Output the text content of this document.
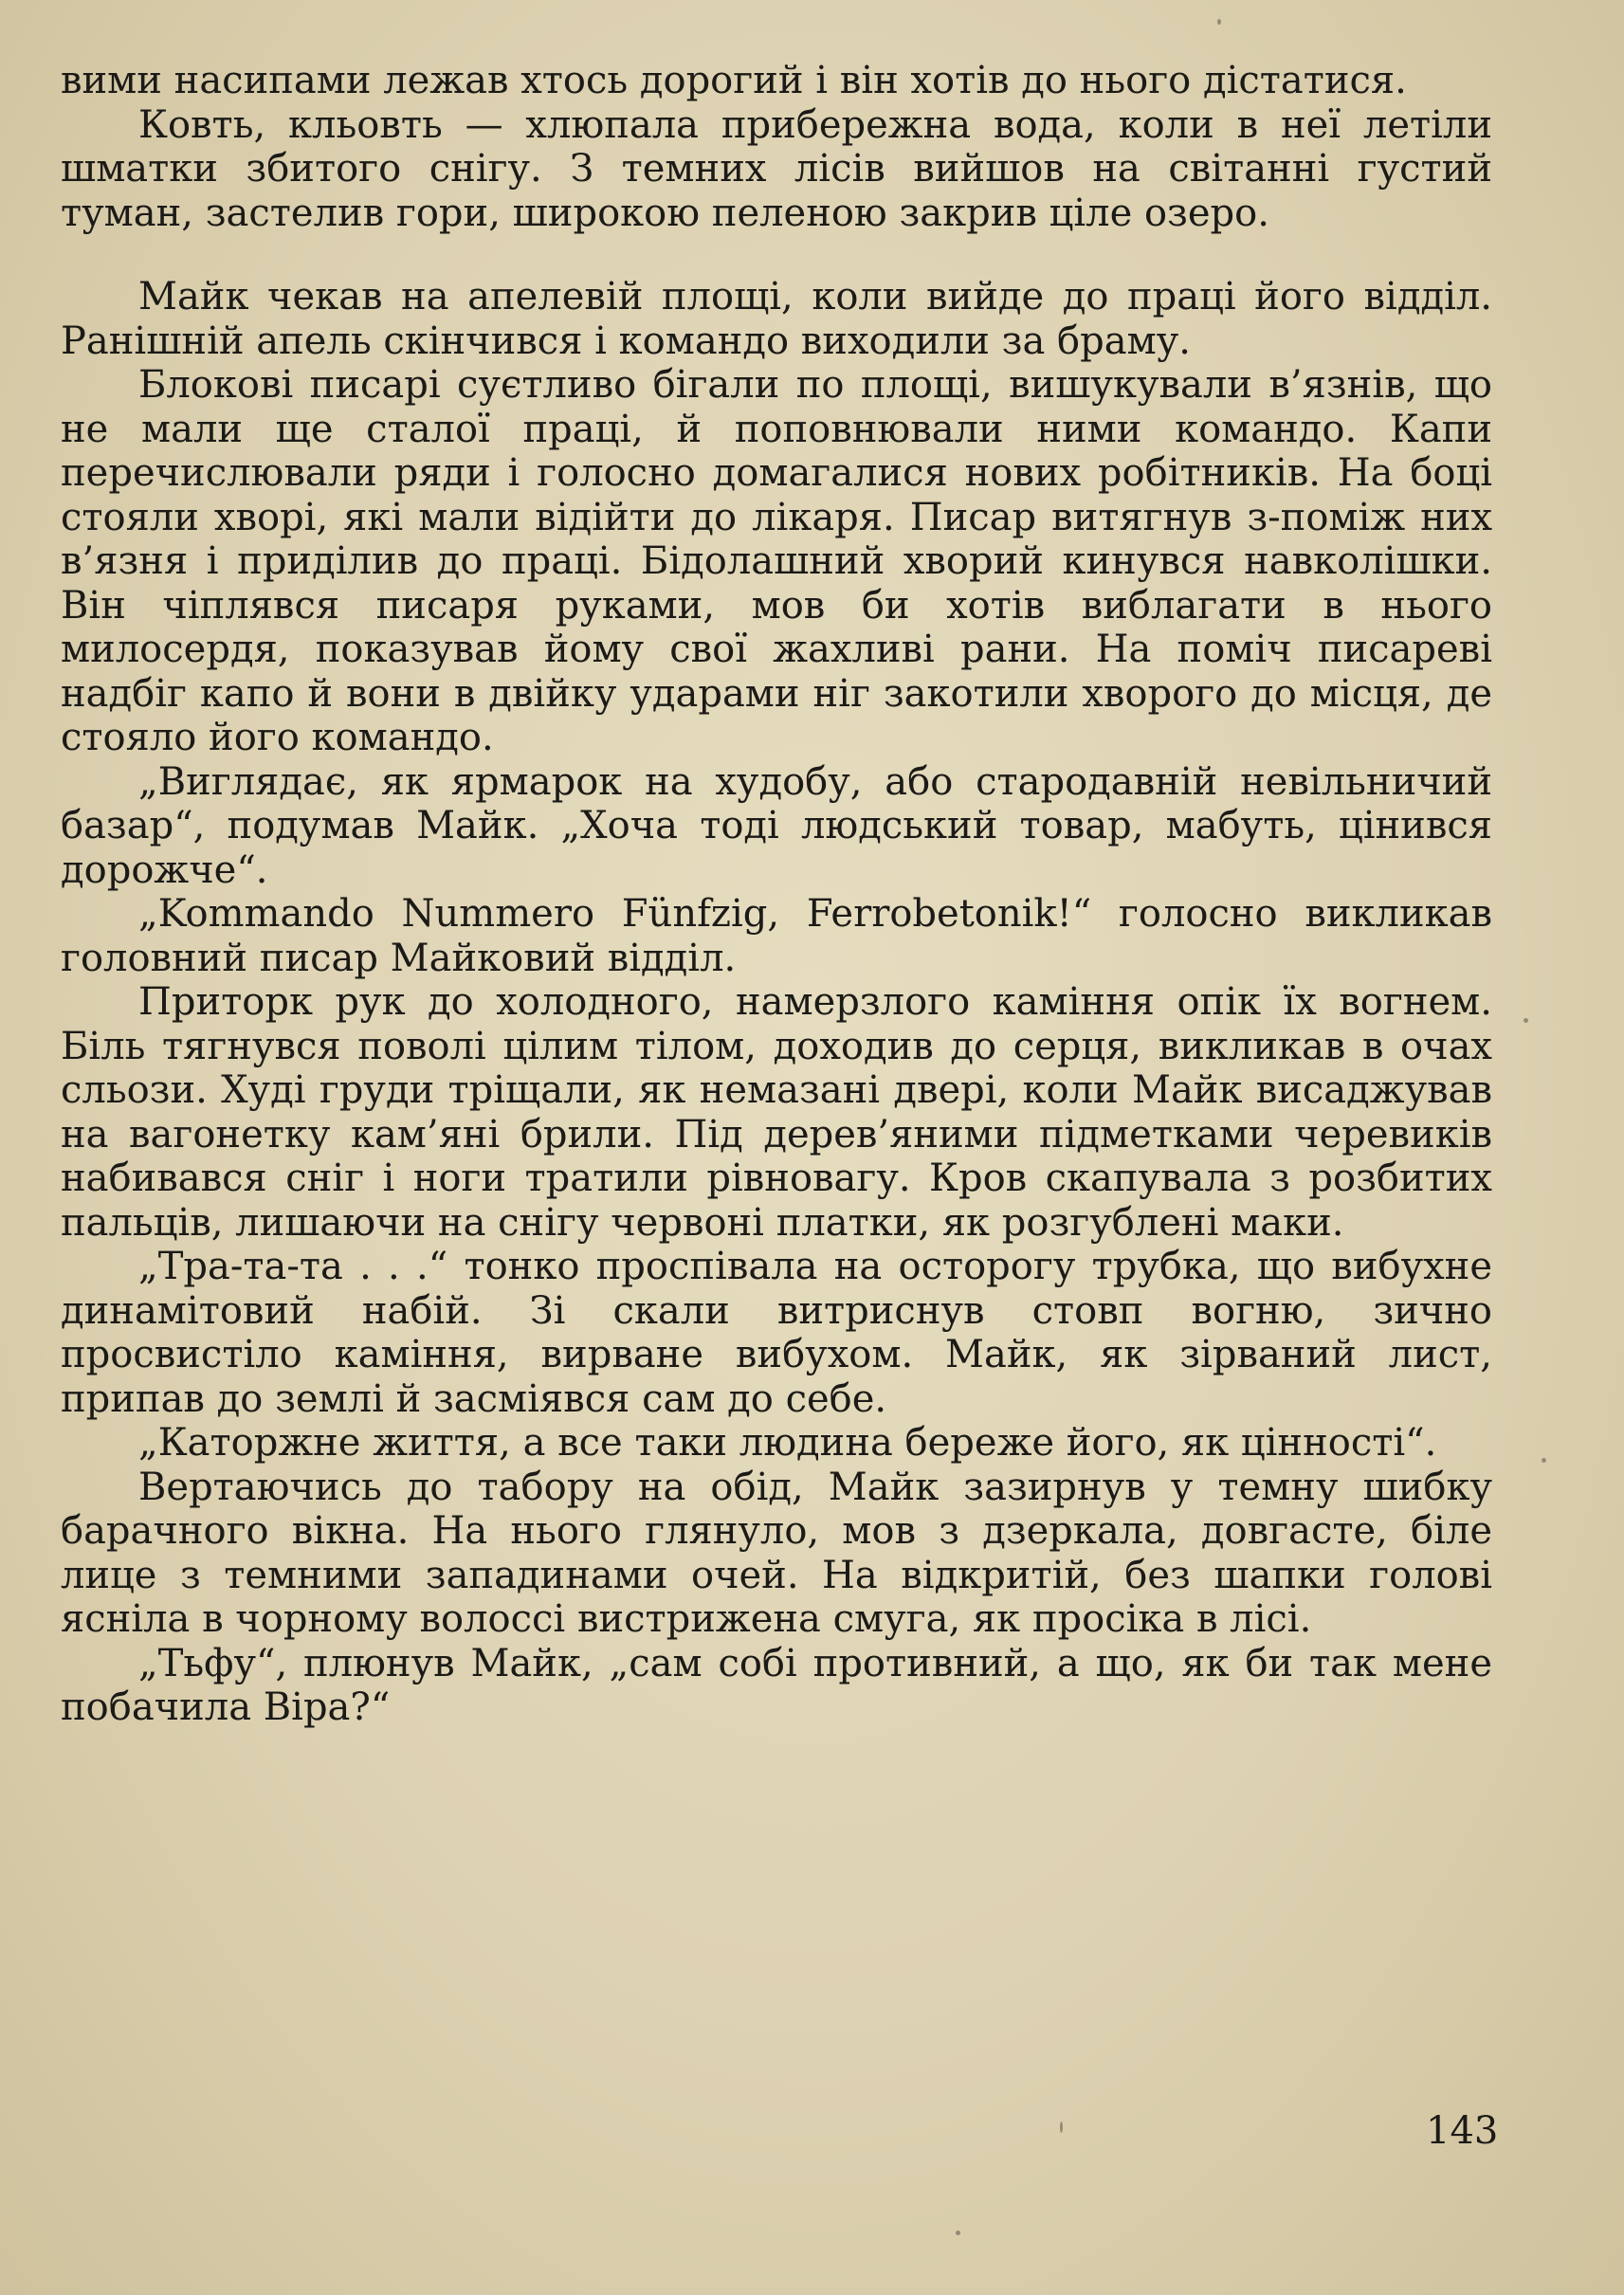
вими насипами лежав хтось дорогий і він хотів до нього дістатися.

Ковть, кльовть — хлюпала прибережна вода, коли в неї летіли шматки збитого снігу. З темних лісів вийшов на світанні густий туман, застелив гори, широкою пеленою закрив ціле озеро.

Майк чекав на апелевій площі, коли вийде до праці його відділ. Ранішній апель скінчився і командо виходили за браму.

Блокові писарі суєтливо бігали по площі, вишукували в’язнів, що не мали ще сталої праці, й поповнювали ними командо. Капи перечислювали ряди і голосно домагалися нових робітників. На боці стояли хворі, які мали відійти до лікаря. Писар витягнув з-поміж них в’язня і приділив до праці. Бідолашний хворий кинувся навколішки. Він чіплявся писаря руками, мов би хотів виблагати в нього милосердя, показував йому свої жахливі рани. На поміч писареві надбіг капо й вони в двійку ударами ніг закотили хворого до місця, де стояло його командо.

„Виглядає, як ярмарок на худобу, або стародавній невільничий базар“, подумав Майк. „Хоча тоді людський товар, мабуть, цінився дорожче“.

„Kommando Nummero Fünfzig, Ferrobetonik!“ голосно викликав головний писар Майковий відділ.

Приторк рук до холодного, намерзлого каміння опік їх вогнем. Біль тягнувся поволі цілим тілом, доходив до серця, викликав в очах сльози. Худі груди тріщали, як немазані двері, коли Майк висаджував на вагонетку кам’яні брили. Під дерев’яними підметками черевиків набивався сніг і ноги тратили рівновагу. Кров скапувала з розбитих пальців, лишаючи на снігу червоні платки, як розгублені маки.

„Тра-та-та . . .“ тонко проспівала на осторогу трубка, що вибухне динамітовий набій. Зі скали витриснув стовп вогню, зично просвистіло каміння, вирване вибухом. Майк, як зірваний лист, припав до землі й засміявся сам до себе.

„Каторжне життя, а все таки людина береже його, як цінності“.

Вертаючись до табору на обід, Майк зазирнув у темну шибку барачного вікна. На нього глянуло, мов з дзеркала, довгасте, біле лице з темними западинами очей. На відкритій, без шапки голові ясніла в чорному волоссі вистрижена смуга, як просіка в лісі.

„Тьфу“, плюнув Майк, „сам собі противний, а що, як би так мене побачила Віра?“

143
